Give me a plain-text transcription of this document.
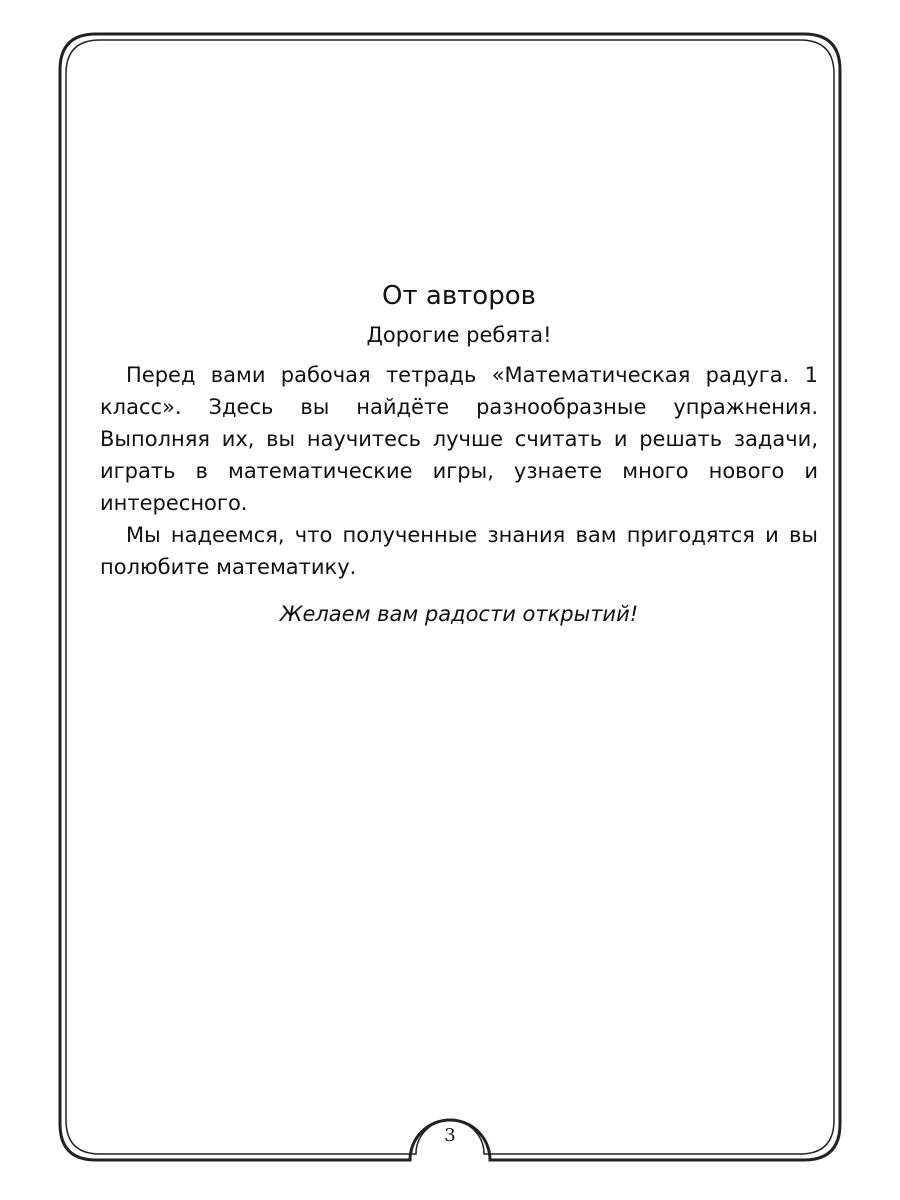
От авторов

Дорогие ребята!

Перед вами рабочая тетрадь «Математическая радуга. 1 класс». Здесь вы найдёте разнообразные упражнения. Выполняя их, вы научитесь лучше считать и решать задачи, играть в математические игры, узнаете много нового и интересного.

Мы надеемся, что полученные знания вам пригодятся и вы полюбите математику.

Желаем вам радости открытий!

3
